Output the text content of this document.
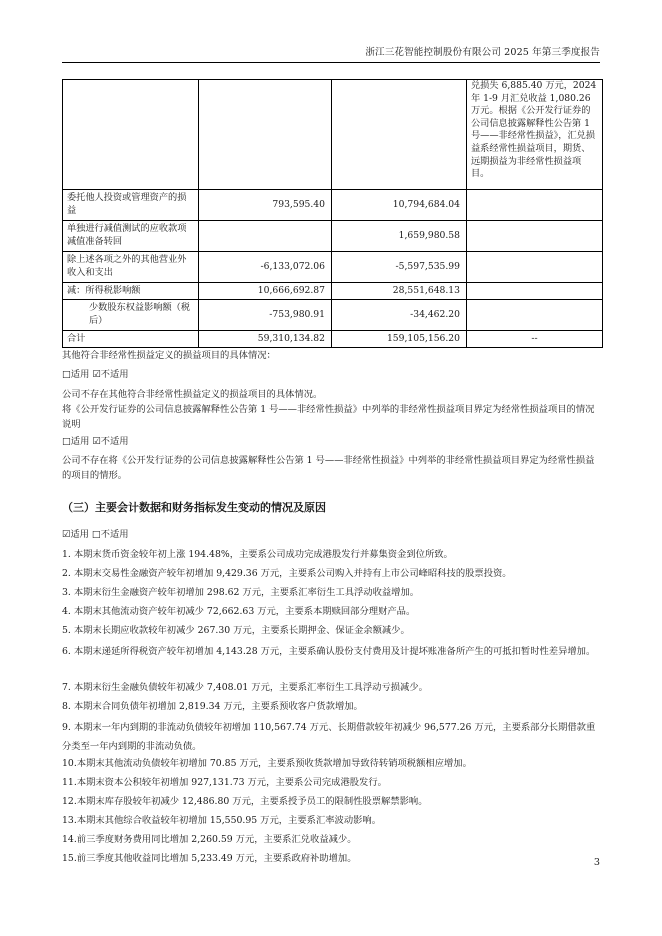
浙江三花智能控制股份有限公司 2025 年第三季度报告
			兑损失 6,885.40 万元，2024 年 1-9 月汇兑收益 1,080.26 万元。根据《公开发行证券的公司信息披露解释性公告第 1 号——非经常性损益》，汇兑损益系经常性损益项目，期货、远期损益为非经常性损益项目。
委托他人投资或管理资产的损益	793,595.40	10,794,684.04	
单独进行减值测试的应收款项减值准备转回		1,659,980.58	
除上述各项之外的其他营业外收入和支出	-6,133,072.06	-5,597,535.99	
减：所得税影响额	10,666,692.87	28,551,648.13	
少数股东权益影响额（税后）	-753,980.91	-34,462.20	
合计	59,310,134.82	159,105,156.20	--
其他符合非经常性损益定义的损益项目的具体情况：
□适用 ☑不适用
公司不存在其他符合非经常性损益定义的损益项目的具体情况。
将《公开发行证券的公司信息披露解释性公告第 1 号——非经常性损益》中列举的非经常性损益项目界定为经常性损益项目的情况说明
□适用 ☑不适用
公司不存在将《公开发行证券的公司信息披露解释性公告第 1 号——非经常性损益》中列举的非经常性损益项目界定为经常性损益的项目的情形。
（三）主要会计数据和财务指标发生变动的情况及原因
☑适用 □不适用
1. 本期末货币资金较年初上涨 194.48%，主要系公司成功完成港股发行并募集资金到位所致。
2. 本期末交易性金融资产较年初增加 9,429.36 万元，主要系公司购入并持有上市公司峰昭科技的股票投资。
3. 本期末衍生金融资产较年初增加 298.62 万元，主要系汇率衍生工具浮动收益增加。
4. 本期末其他流动资产较年初减少 72,662.63 万元，主要系本期赎回部分理财产品。
5. 本期末长期应收款较年初减少 267.30 万元，主要系长期押金、保证金余额减少。
6. 本期末递延所得税资产较年初增加 4,143.28 万元，主要系确认股份支付费用及计提坏账准备所产生的可抵扣暂时性差异增加。
7. 本期末衍生金融负债较年初减少 7,408.01 万元，主要系汇率衍生工具浮动亏损减少。
8. 本期末合同负债年初增加 2,819.34 万元，主要系预收客户货款增加。
9. 本期末一年内到期的非流动负债较年初增加 110,567.74 万元、长期借款较年初减少 96,577.26 万元，主要系部分长期借款重分类至一年内到期的非流动负债。
10.本期末其他流动负债较年初增加 70.85 万元，主要系预收货款增加导致待转销项税额相应增加。
11.本期末资本公积较年初增加 927,131.73 万元，主要系公司完成港股发行。
12.本期末库存股较年初减少 12,486.80 万元，主要系授予员工的限制性股票解禁影响。
13.本期末其他综合收益较年初增加 15,550.95 万元，主要系汇率波动影响。
14.前三季度财务费用同比增加 2,260.59 万元，主要系汇兑收益减少。
15.前三季度其他收益同比增加 5,233.49 万元，主要系政府补助增加。	3
